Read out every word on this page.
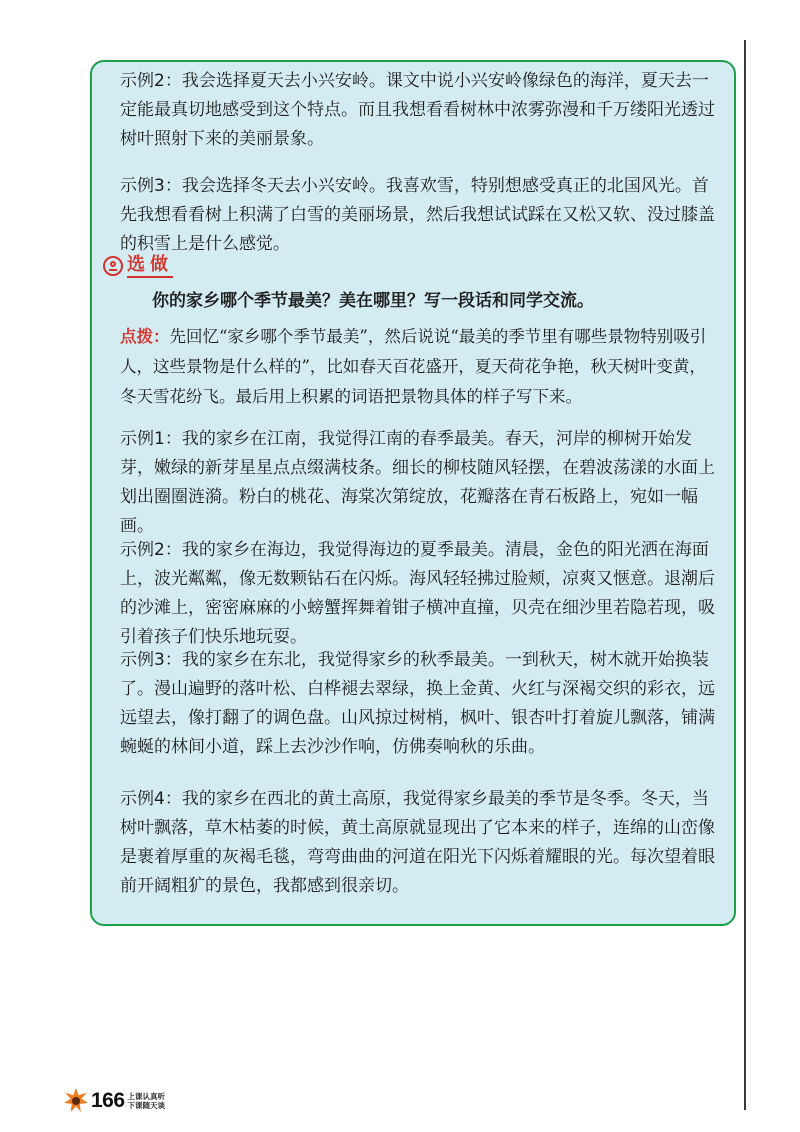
示例2：我会选择夏天去小兴安岭。课文中说小兴安岭像绿色的海洋，夏天去一定能最真切地感受到这个特点。而且我想看看树林中浓雾弥漫和千万缕阳光透过树叶照射下来的美丽景象。

示例3：我会选择冬天去小兴安岭。我喜欢雪，特别想感受真正的北国风光。首先我想看看树上积满了白雪的美丽场景，然后我想试试踩在又松又软、没过膝盖的积雪上是什么感觉。

选做

你的家乡哪个季节最美？美在哪里？写一段话和同学交流。

点拨：先回忆“家乡哪个季节最美”，然后说说“最美的季节里有哪些景物特别吸引人，这些景物是什么样的”，比如春天百花盛开，夏天荷花争艳，秋天树叶变黄，冬天雪花纷飞。最后用上积累的词语把景物具体的样子写下来。

示例1：我的家乡在江南，我觉得江南的春季最美。春天，河岸的柳树开始发芽，嫩绿的新芽星星点点缀满枝条。细长的柳枝随风轻摆，在碧波荡漾的水面上划出圈圈涟漪。粉白的桃花、海棠次第绽放，花瓣落在青石板路上，宛如一幅画。

示例2：我的家乡在海边，我觉得海边的夏季最美。清晨，金色的阳光洒在海面上，波光粼粼，像无数颗钻石在闪烁。海风轻轻拂过脸颊，凉爽又惬意。退潮后的沙滩上，密密麻麻的小螃蟹挥舞着钳子横冲直撞，贝壳在细沙里若隐若现，吸引着孩子们快乐地玩耍。

示例3：我的家乡在东北，我觉得家乡的秋季最美。一到秋天，树木就开始换装了。漫山遍野的落叶松、白桦褪去翠绿，换上金黄、火红与深褐交织的彩衣，远远望去，像打翻了的调色盘。山风掠过树梢，枫叶、银杏叶打着旋儿飘落，铺满蜿蜒的林间小道，踩上去沙沙作响，仿佛奏响秋的乐曲。

示例4：我的家乡在西北的黄土高原，我觉得家乡最美的季节是冬季。冬天，当树叶飘落，草木枯萎的时候，黄土高原就显现出了它本来的样子，连绵的山峦像是裹着厚重的灰褐毛毯，弯弯曲曲的河道在阳光下闪烁着耀眼的光。每次望着眼前开阔粗犷的景色，我都感到很亲切。

166 上课认真听
下课随天谈
